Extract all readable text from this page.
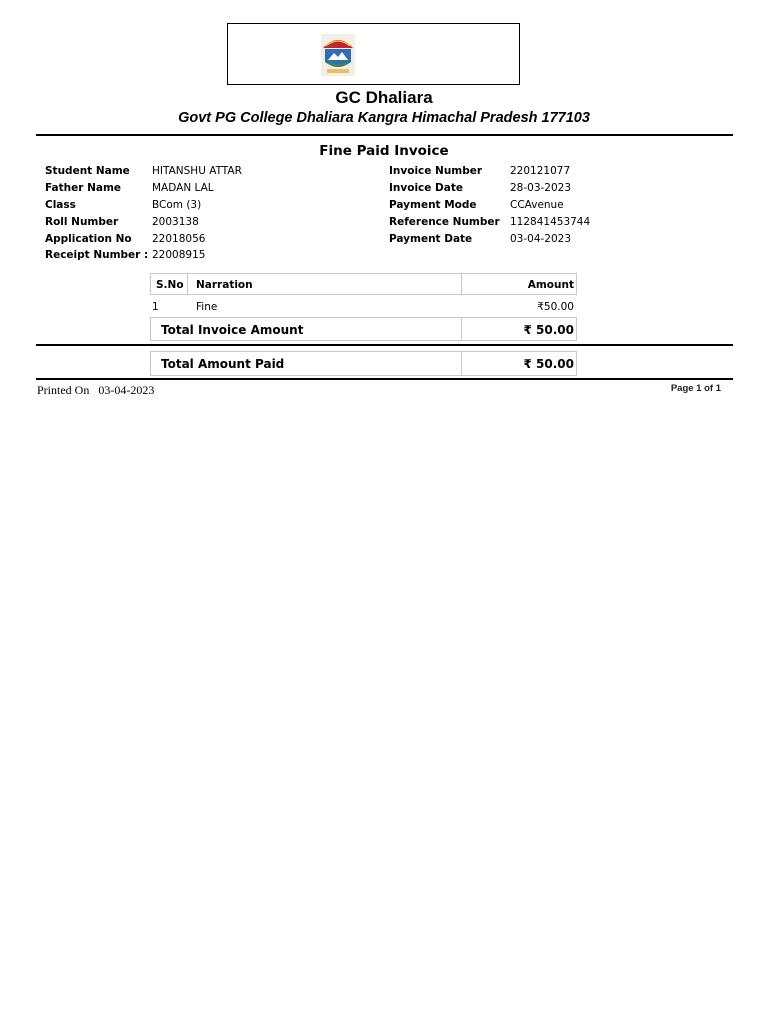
GC Dhaliara
Govt PG College Dhaliara Kangra Himachal Pradesh 177103
Fine Paid Invoice
Student Name HITANSHU ATTAR
Father Name	MADAN LAL
Class	BCom (3)
Roll Number	2003138
Application No 22018056
Receipt Number : 22008915
Invoice Number	220121077
Invoice Date	28-03-2023
Payment Mode	CCAvenue
Reference Number 112841453744
Payment Date	03-04-2023
S.No Narration	Amount
1	Fine	₹50.00
Total Invoice Amount	₹ 50.00
Total Amount Paid	₹ 50.00
Printed On 03-04-2023	Page 1 of 1
